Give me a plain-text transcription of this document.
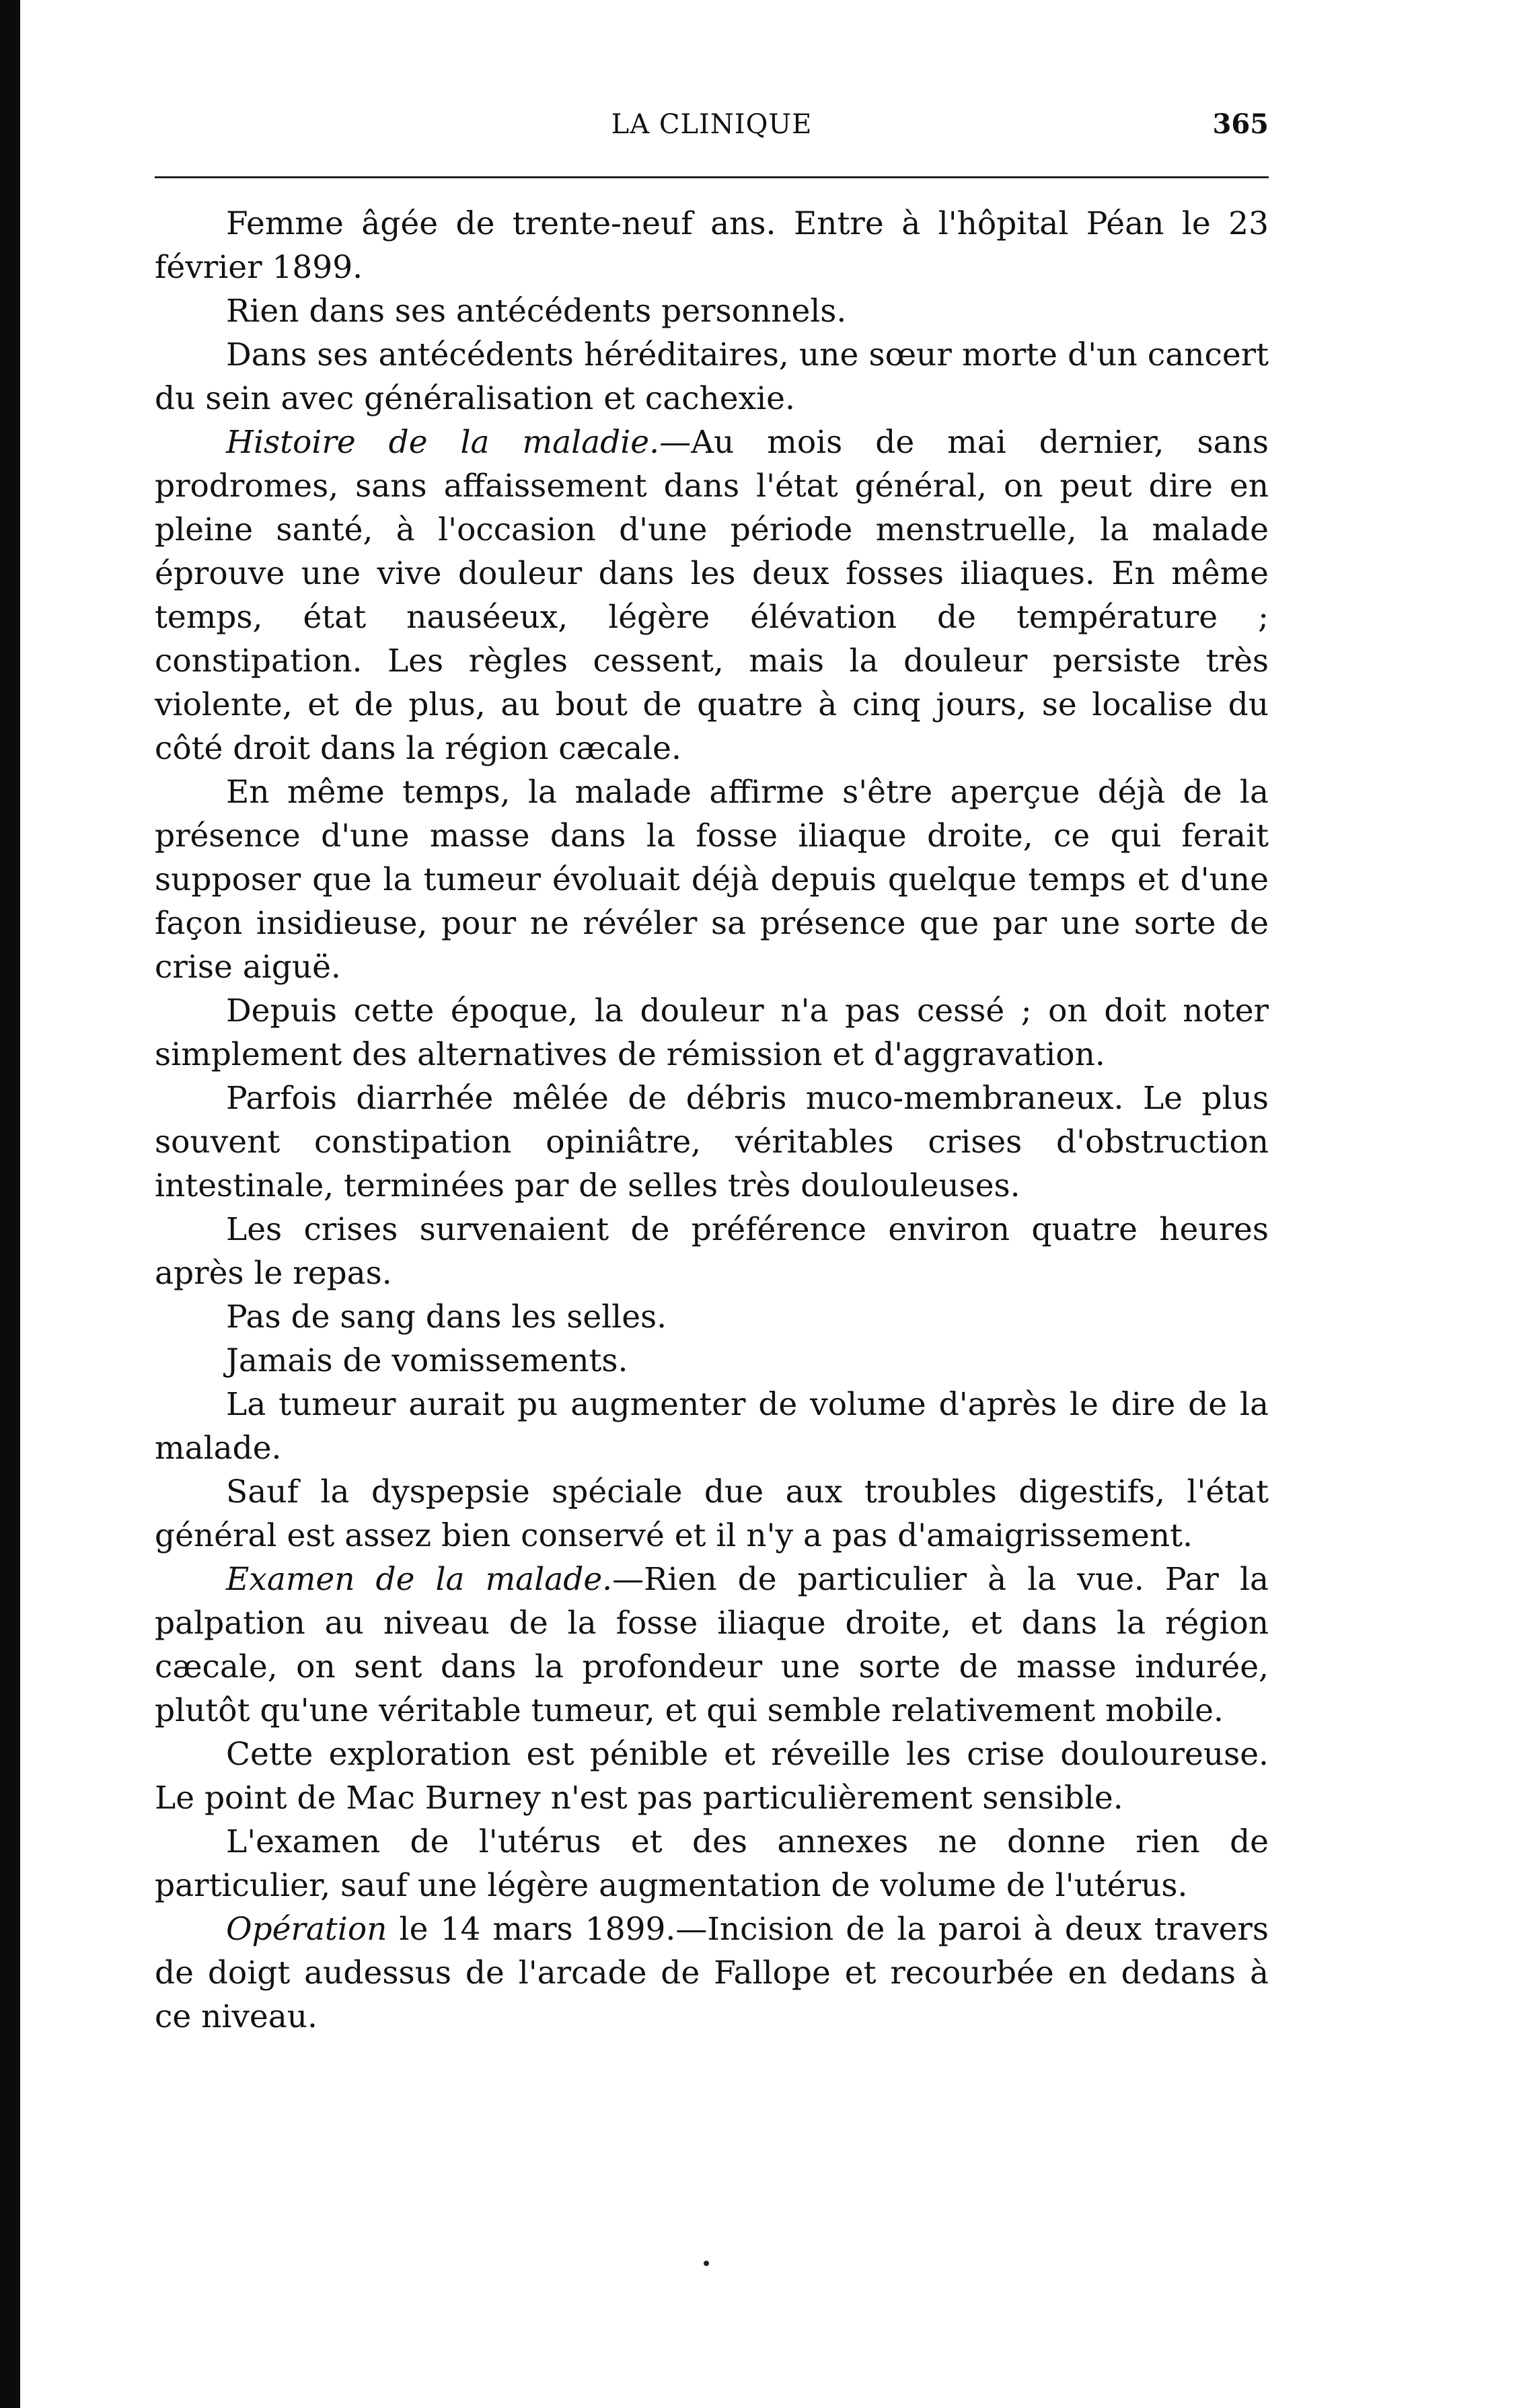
LA CLINIQUE	365

Femme âgée de trente-neuf ans. Entre à l'hôpital Péan le 23 février 1899.

Rien dans ses antécédents personnels.

Dans ses antécédents héréditaires, une sœur morte d'un cancert du sein avec généralisation et cachexie.

Histoire de la maladie.—Au mois de mai dernier, sans prodromes, sans affaissement dans l'état général, on peut dire en pleine santé, à l'occasion d'une période menstruelle, la malade éprouve une vive douleur dans les deux fosses iliaques. En même temps, état nauséeux, légère élévation de température ; constipation. Les règles cessent, mais la douleur persiste très violente, et de plus, au bout de quatre à cinq jours, se localise du côté droit dans la région cæcale.

En même temps, la malade affirme s'être aperçue déjà de la présence d'une masse dans la fosse iliaque droite, ce qui ferait supposer que la tumeur évoluait déjà depuis quelque temps et d'une façon insidieuse, pour ne révéler sa présence que par une sorte de crise aiguë.

Depuis cette époque, la douleur n'a pas cessé ; on doit noter simplement des alternatives de rémission et d'aggravation.

Parfois diarrhée mêlée de débris muco-membraneux. Le plus souvent constipation opiniâtre, véritables crises d'obstruction intestinale, terminées par de selles très doulouleuses.

Les crises survenaient de préférence environ quatre heures après le repas.

Pas de sang dans les selles.

Jamais de vomissements.

La tumeur aurait pu augmenter de volume d'après le dire de la malade.

Sauf la dyspepsie spéciale due aux troubles digestifs, l'état général est assez bien conservé et il n'y a pas d'amaigrissement.

Examen de la malade.—Rien de particulier à la vue. Par la palpation au niveau de la fosse iliaque droite, et dans la région cæcale, on sent dans la profondeur une sorte de masse indurée, plutôt qu'une véritable tumeur, et qui semble relativement mobile.

Cette exploration est pénible et réveille les crise douloureuse. Le point de Mac Burney n'est pas particulièrement sensible.

L'examen de l'utérus et des annexes ne donne rien de particulier, sauf une légère augmentation de volume de l'utérus.

Opération le 14 mars 1899.—Incision de la paroi à deux travers de doigt audessus de l'arcade de Fallope et recourbée en dedans à ce niveau.
